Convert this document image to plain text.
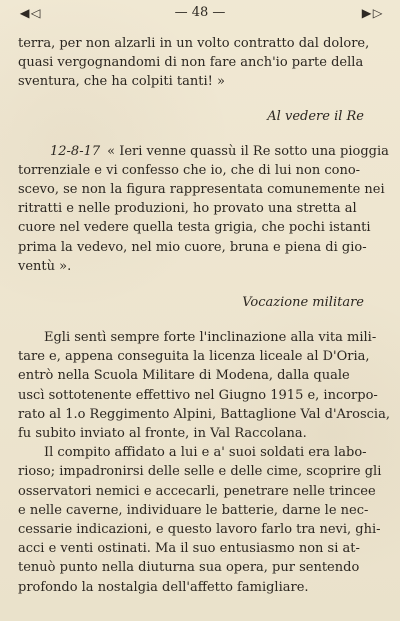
◀ ◁	— 48 —	▶ ▷

terra, per non alzarli in un volto contratto dal dolore,

quasi vergognandomi di non fare anch'io parte della

sventura, che ha colpiti tanti! »

Al vedere il Re

12-8-17 « Ieri venne quassù il Re sotto una pioggia

torrenziale e vi confesso che io, che di lui non cono-

scevo, se non la figura rappresentata comunemente nei

ritratti e nelle produzioni, ho provato una stretta al

cuore nel vedere quella testa grigia, che pochi istanti

prima la vedevo, nel mio cuore, bruna e piena di gio-

ventù ».

Vocazione militare

Egli sentì sempre forte l'inclinazione alla vita mili-

tare e, appena conseguita la licenza liceale al D'Oria,

entrò nella Scuola Militare di Modena, dalla quale

uscì sottotenente effettivo nel Giugno 1915 e, incorpo-

rato al 1.o Reggimento Alpini, Battaglione Val d'Aroscia,

fu subito inviato al fronte, in Val Raccolana.

Il compito affidato a lui e a' suoi soldati era labo-

rioso; impadronirsi delle selle e delle cime, scoprire gli

osservatori nemici e accecarli, penetrare nelle trincee

e nelle caverne, individuare le batterie, darne le nec-

cessarie indicazioni, e questo lavoro farlo tra nevi, ghi-

acci e venti ostinati. Ma il suo entusiasmo non si at-

tenuò punto nella diuturna sua opera, pur sentendo

profondo la nostalgia dell'affetto famigliare.
